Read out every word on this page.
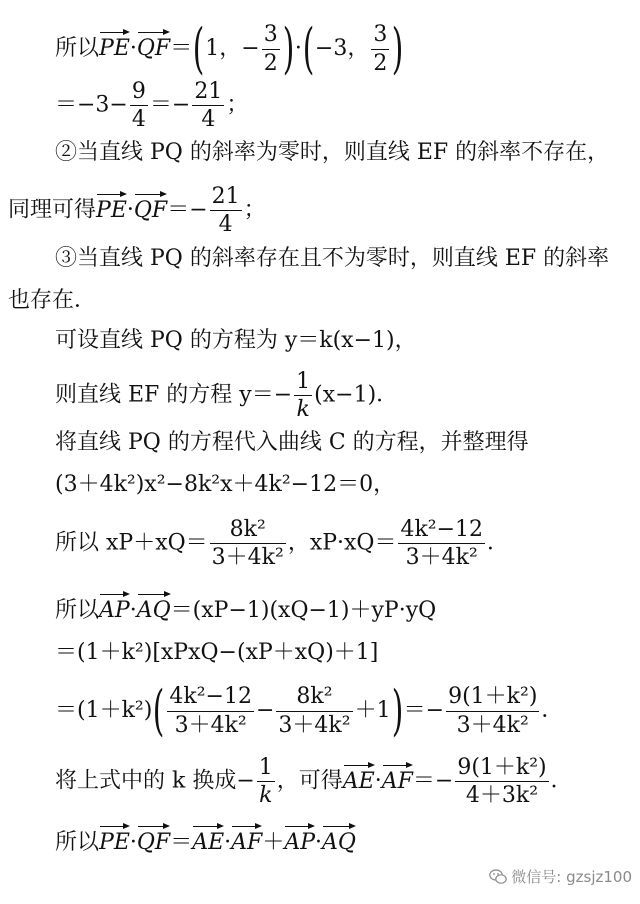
所以PE·QF＝(1，− $\frac{3}{2} )\cdot(-3$， $\frac{3}{2}$ )
$=-3- \frac{9}{4} =- \frac{21}{4}$ ；
②当直线 PQ 的斜率为零时，则直线 EF 的斜率不存在，
同理可得$PE\cdot QF=- \frac{21}{4}$ ；
③当直线 PQ 的斜率存在且不为零时，则直线 EF 的斜率
也存在．
可设直线 PQ 的方程为 y＝k(x−1)，
则直线 EF 的方程 $y=- \frac{1}{k} (x-1)$．
将直线 PQ 的方程代入曲线 C 的方程，并整理得
(3＋4k²)x²−8k²x＋4k²−12＝0，
所以 $xP+xQ= \frac{\text{8k²}}{\text{3＋4k²}}$ ，$xP\cdot xQ= \frac{\text{4k²−12}}{\text{3＋4k²}}$ ．
所以AP·AQ＝(xP−1)(xQ−1)＋yP·yQ
＝(1＋k²)[xPxQ−(xP＋xQ)＋1]
$=(1+k^2)( \frac{\text{4k²−12}}{\text{3＋4k²}} - \frac{\text{8k²}}{\text{3＋4k²}} +1)=- \frac{\text{9(1＋k²)}}{\text{3＋4k²}}$ ．
将上式中的 k 换成− $\frac{1}{k}$ ，可得$AE\cdot AF=- \frac{\text{9(1＋k²)}}{\text{4＋3k²}}$ ．
所以PE·QF＝AE·AF＋AP·AQ
微信号: gzsjz100
